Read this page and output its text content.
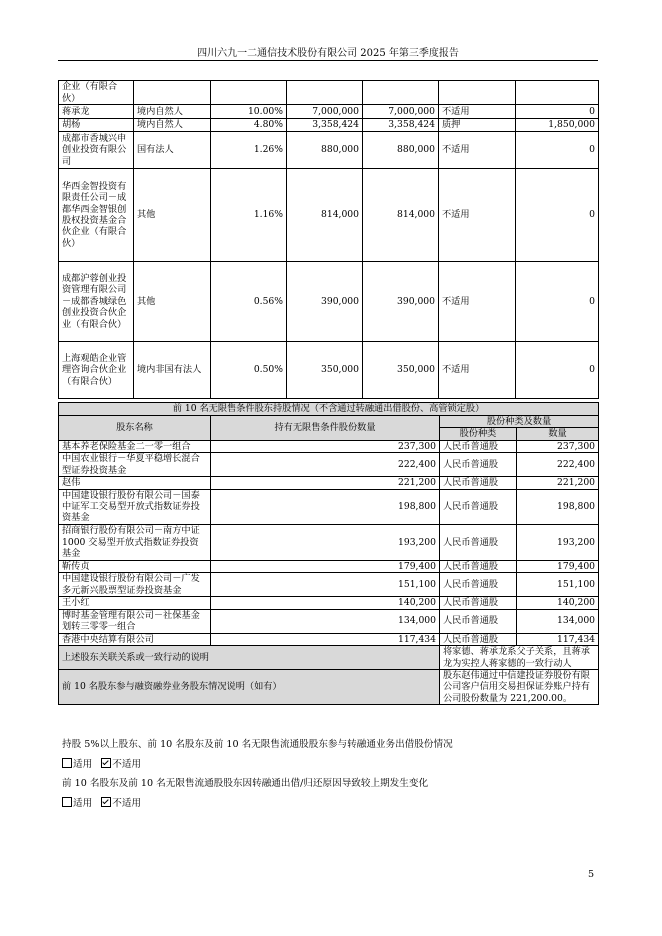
四川六九一二通信技术股份有限公司 2025 年第三季度报告
企业（有限合伙）						
蒋承龙	境内自然人	10.00%	7,000,000	7,000,000	不适用	0
胡杨	境内自然人	4.80%	3,358,424	3,358,424	质押	1,850,000
成都市香城兴申创业投资有限公司	国有法人	1.26%	880,000	880,000	不适用	0
华西金智投资有限责任公司－成都华西金智银创股权投资基金合伙企业（有限合伙）	其他	1.16%	814,000	814,000	不适用	0
成都沪蓉创业投资管理有限公司－成都香城绿色创业投资合伙企业（有限合伙）	其他	0.56%	390,000	390,000	不适用	0
上海观皓企业管理咨询合伙企业（有限合伙）	境内非国有法人	0.50%	350,000	350,000	不适用	0
前 10 名无限售条件股东持股情况（不含通过转融通出借股份、高管锁定股）			
股东名称	持有无限售条件股份数量	股份种类及数量	
		股份种类	数量
基本养老保险基金二一零一组合	237,300	人民币普通股	237,300
中国农业银行－华夏平稳增长混合型证券投资基金	222,400	人民币普通股	222,400
赵伟	221,200	人民币普通股	221,200
中国建设银行股份有限公司－国泰中证军工交易型开放式指数证券投资基金	198,800	人民币普通股	198,800
招商银行股份有限公司－南方中证 1000 交易型开放式指数证券投资基金	193,200	人民币普通股	193,200
靳传贞	179,400	人民币普通股	179,400
中国建设银行股份有限公司－广发多元新兴股票型证券投资基金	151,100	人民币普通股	151,100
王小红	140,200	人民币普通股	140,200
博时基金管理有限公司－社保基金划转三零零一组合	134,000	人民币普通股	134,000
香港中央结算有限公司	117,434	人民币普通股	117,434
上述股东关联关系或一致行动的说明		将家德、蒋承龙系父子关系，且蒋承龙为实控人蒋家德的一致行动人	
前 10 名股东参与融资融券业务股东情况说明（如有）		股东赵伟通过中信建投证券股份有限公司客户信用交易担保证券账户持有公司股份数量为 221,200.00。	
持股 5%以上股东、前 10 名股东及前 10 名无限售流通股股东参与转融通业务出借股份情况
适用 不适用
前 10 名股东及前 10 名无限售流通股股东因转融通出借/归还原因导致较上期发生变化
适用 不适用
5
